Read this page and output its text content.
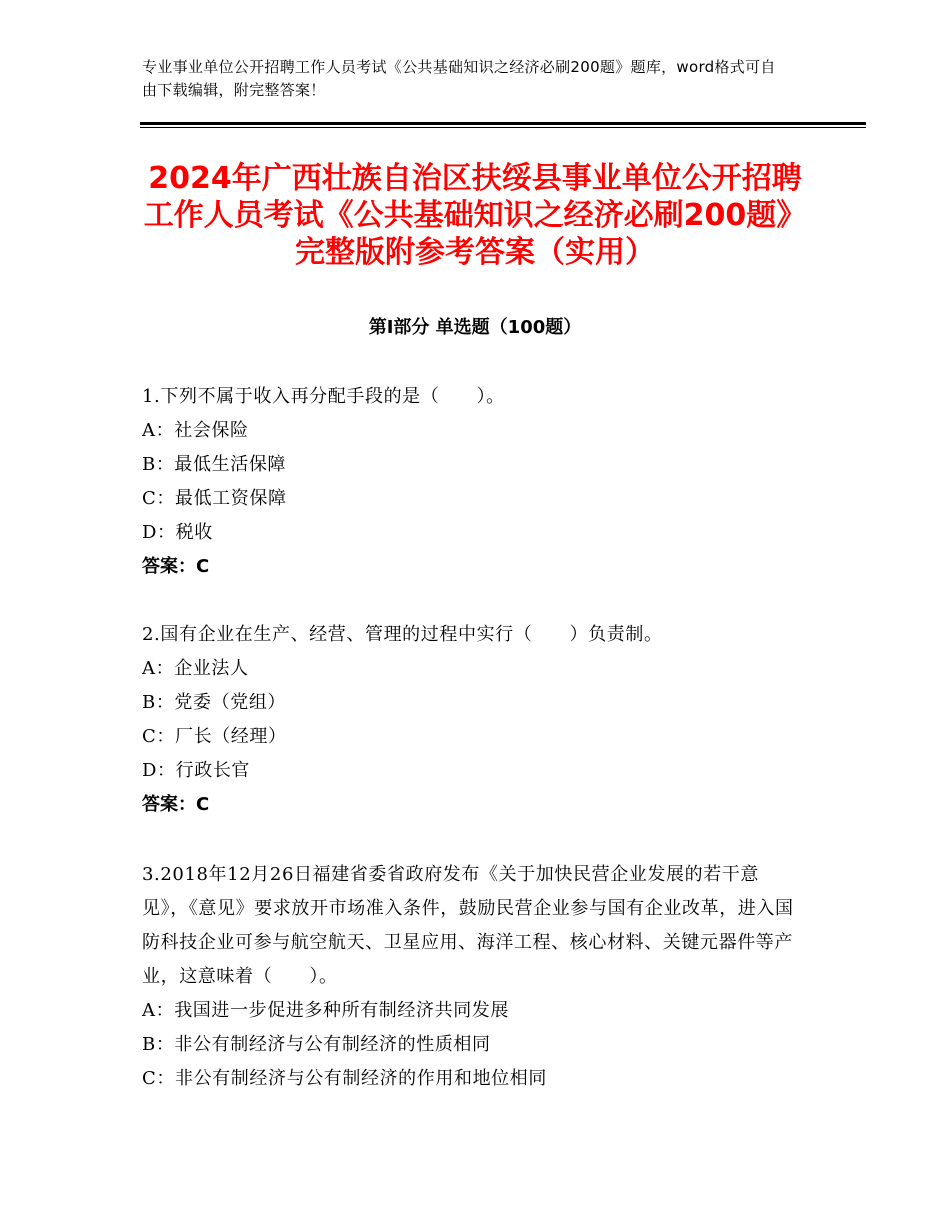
专业事业单位公开招聘工作人员考试《公共基础知识之经济必刷200题》题库，word格式可自由下载编辑，附完整答案！
2024年广西壮族自治区扶绥县事业单位公开招聘工作人员考试《公共基础知识之经济必刷200题》完整版附参考答案（实用）
第Ⅰ部分 单选题（100题）
1.下列不属于收入再分配手段的是（　　）。
A：社会保险
B：最低生活保障
C：最低工资保障
D：税收
答案：C
2.国有企业在生产、经营、管理的过程中实行（　　）负责制。
A：企业法人
B：党委（党组）
C：厂长（经理）
D：行政长官
答案：C
3.2018年12月26日福建省委省政府发布《关于加快民营企业发展的若干意见》，《意见》要求放开市场准入条件，鼓励民营企业参与国有企业改革，进入国防科技企业可参与航空航天、卫星应用、海洋工程、核心材料、关键元器件等产业，这意味着（　　）。
A：我国进一步促进多种所有制经济共同发展
B：非公有制经济与公有制经济的性质相同
C：非公有制经济与公有制经济的作用和地位相同
